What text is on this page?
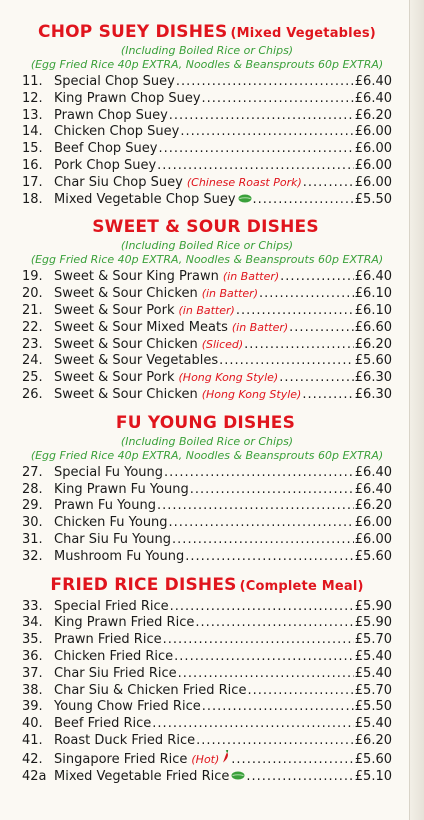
CHOP SUEY DISHES (Mixed Vegetables)
(Including Boiled Rice or Chips)
(Egg Fried Rice 40p EXTRA, Noodles & Beansprouts 60p EXTRA)
11. Special Chop Suey .....	£6.40
12. King Prawn Chop Suey .....	£6.40
13. Prawn Chop Suey .....	£6.20
14. Chicken Chop Suey .....	£6.00
15. Beef Chop Suey .....	£6.00
16. Pork Chop Suey .....	£6.00
17. Char Siu Chop Suey (Chinese Roast Pork) .....	£6.00
18. Mixed Vegetable Chop Suey .....	£5.50
SWEET & SOUR DISHES
(Including Boiled Rice or Chips)
(Egg Fried Rice 40p EXTRA, Noodles & Beansprouts 60p EXTRA)
19. Sweet & Sour King Prawn (in Batter) .....	£6.40
20. Sweet & Sour Chicken (in Batter) .....	£6.10
21. Sweet & Sour Pork (in Batter) .....	£6.10
22. Sweet & Sour Mixed Meats (in Batter) .....	£6.60
23. Sweet & Sour Chicken (Sliced) .....	£6.20
24. Sweet & Sour Vegetables .....	£5.60
25. Sweet & Sour Pork (Hong Kong Style) .....	£6.30
26. Sweet & Sour Chicken (Hong Kong Style) .....	£6.30
FU YOUNG DISHES
(Including Boiled Rice or Chips)
(Egg Fried Rice 40p EXTRA, Noodles & Beansprouts 60p EXTRA)
27. Special Fu Young .....	£6.40
28. King Prawn Fu Young .....	£6.40
29. Prawn Fu Young .....	£6.20
30. Chicken Fu Young .....	£6.00
31. Char Siu Fu Young .....	£6.00
32. Mushroom Fu Young .....	£5.60
FRIED RICE DISHES (Complete Meal)
33. Special Fried Rice .....	£5.90
34. King Prawn Fried Rice .....	£5.90
35. Prawn Fried Rice .....	£5.70
36. Chicken Fried Rice .....	£5.40
37. Char Siu Fried Rice .....	£5.40
38. Char Siu & Chicken Fried Rice .....	£5.70
39. Young Chow Fried Rice .....	£5.50
40. Beef Fried Rice .....	£5.40
41. Roast Duck Fried Rice .....	£6.20
42. Singapore Fried Rice (Hot) .....	£5.60
42a Mixed Vegetable Fried Rice .....	£5.10
